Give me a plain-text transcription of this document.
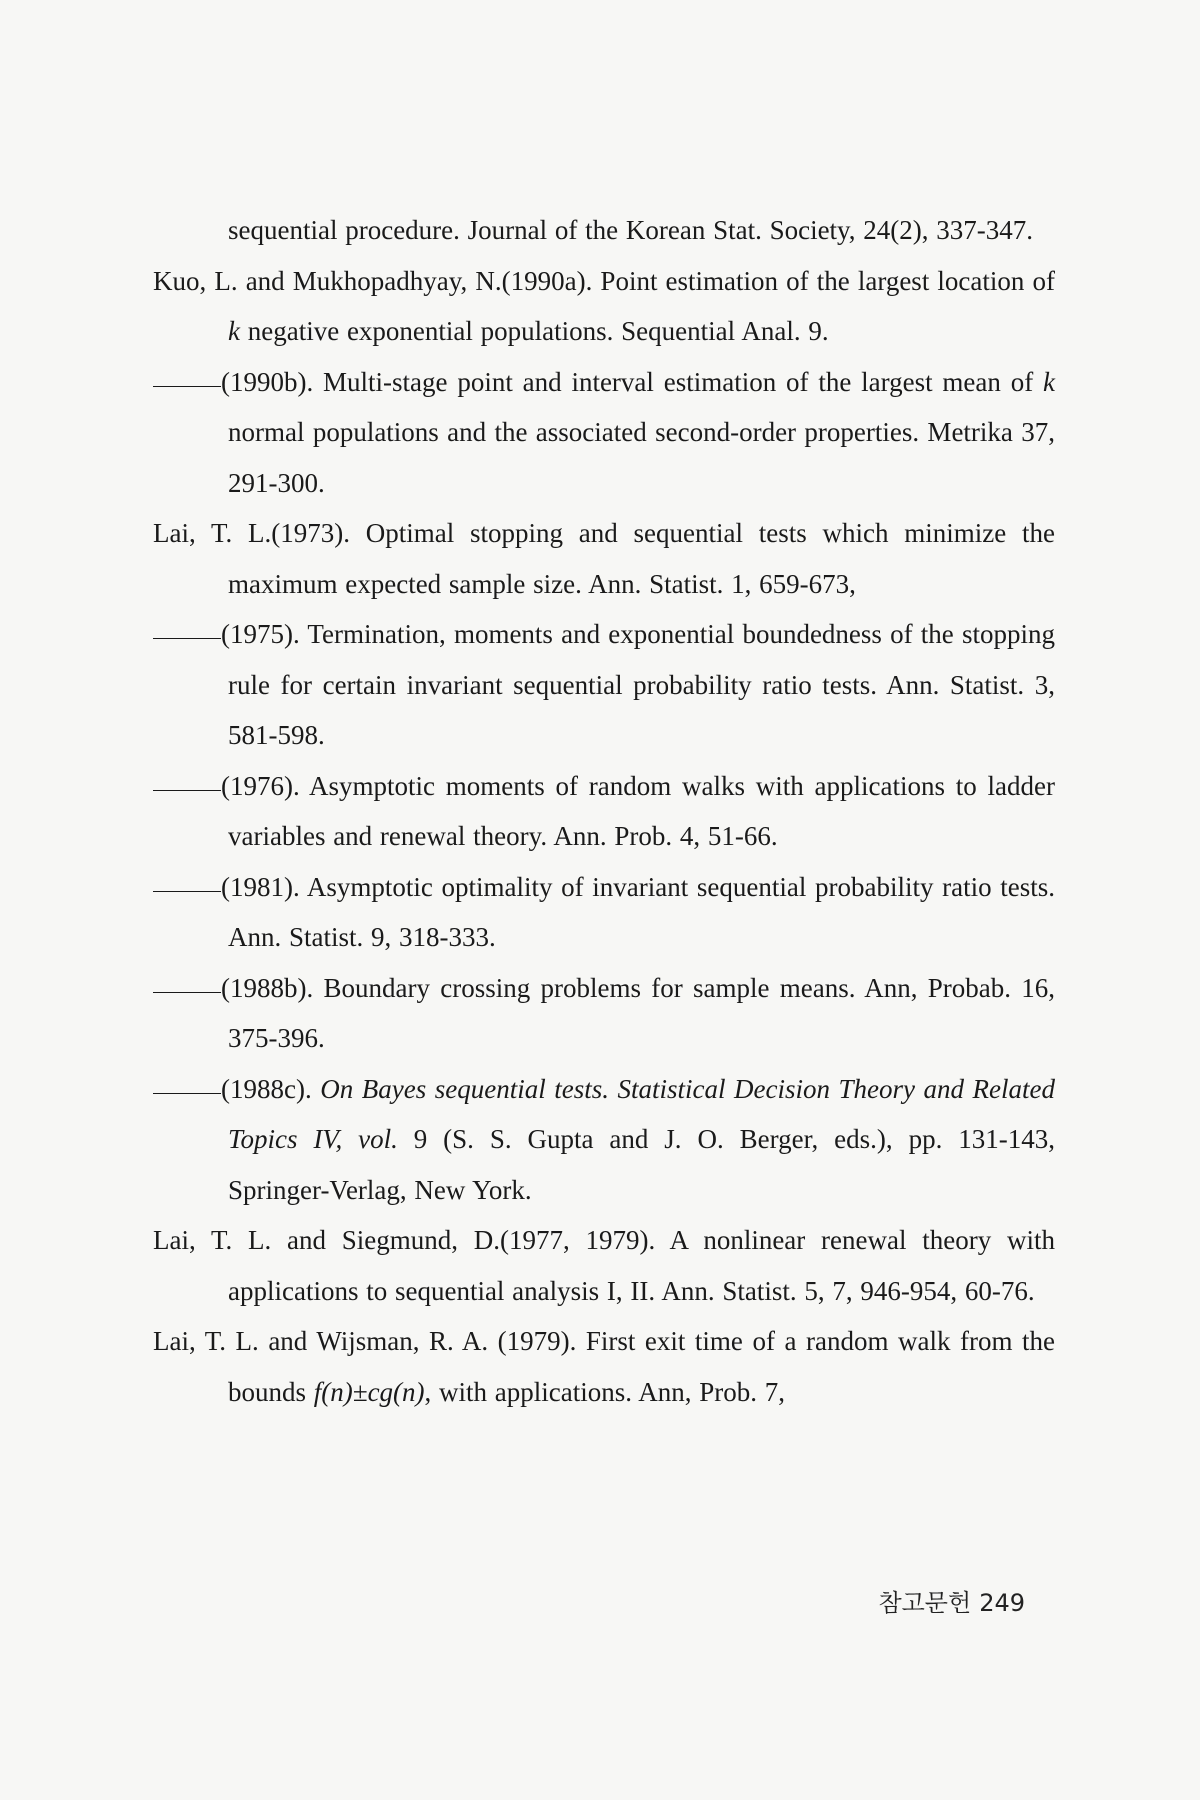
sequential procedure. Journal of the Korean Stat. Society, 24(2), 337-347.

Kuo, L. and Mukhopadhyay, N.(1990a). Point estimation of the largest location of k negative exponential populations. Sequential Anal. 9.

(1990b). Multi-stage point and interval estimation of the largest mean of k normal populations and the associated second-order properties. Metrika 37, 291-300.

Lai, T. L.(1973). Optimal stopping and sequential tests which minimize the maximum expected sample size. Ann. Statist. 1, 659-673,

(1975). Termination, moments and exponential boundedness of the stopping rule for certain invariant sequential probability ratio tests. Ann. Statist. 3, 581-598.

(1976). Asymptotic moments of random walks with applications to ladder variables and renewal theory. Ann. Prob. 4, 51-66.

(1981). Asymptotic optimality of invariant sequential probability ratio tests. Ann. Statist. 9, 318-333.

(1988b). Boundary crossing problems for sample means. Ann, Probab. 16, 375-396.

(1988c). On Bayes sequential tests. Statistical Decision Theory and Related Topics IV, vol. 9 (S. S. Gupta and J. O. Berger, eds.), pp. 131-143, Springer-Verlag, New York.

Lai, T. L. and Siegmund, D.(1977, 1979). A nonlinear renewal theory with applications to sequential analysis I, II. Ann. Statist. 5, 7, 946-954, 60-76.

Lai, T. L. and Wijsman, R. A. (1979). First exit time of a random walk from the bounds f(n)±cg(n), with applications. Ann, Prob. 7,

참고문헌 249
